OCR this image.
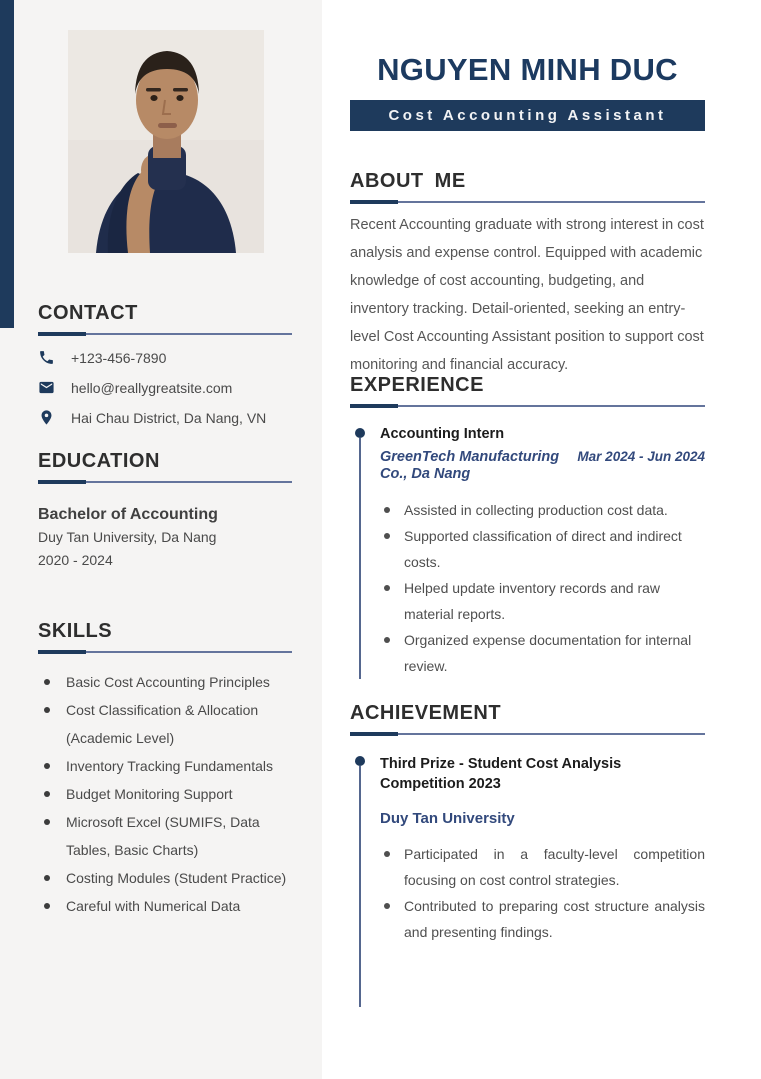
CONTACT
+123-456-7890
hello@reallygreatsite.com
Hai Chau District, Da Nang, VN
EDUCATION
Bachelor of Accounting
Duy Tan University, Da Nang
2020 - 2024
SKILLS
Basic Cost Accounting Principles
Cost Classification & Allocation (Academic Level)
Inventory Tracking Fundamentals
Budget Monitoring Support
Microsoft Excel (SUMIFS, Data Tables, Basic Charts)
Costing Modules (Student Practice)
Careful with Numerical Data
NGUYEN MINH DUC
Cost Accounting Assistant
ABOUT ME

Recent Accounting graduate with strong interest in cost analysis and expense control. Equipped with academic knowledge of cost accounting, budgeting, and inventory tracking. Detail-oriented, seeking an entry-level Cost Accounting Assistant position to support cost monitoring and financial accuracy.

EXPERIENCE
Accounting Intern
GreenTech Manufacturing Co., Da Nang
Mar 2024 - Jun 2024
Assisted in collecting production cost data.
Supported classification of direct and indirect costs.
Helped update inventory records and raw material reports.
Organized expense documentation for internal review.
ACHIEVEMENT
Third Prize - Student Cost Analysis Competition 2023
Duy Tan University
Participated in a faculty-level competition focusing on cost control strategies.
Contributed to preparing cost structure analysis and presenting findings.
